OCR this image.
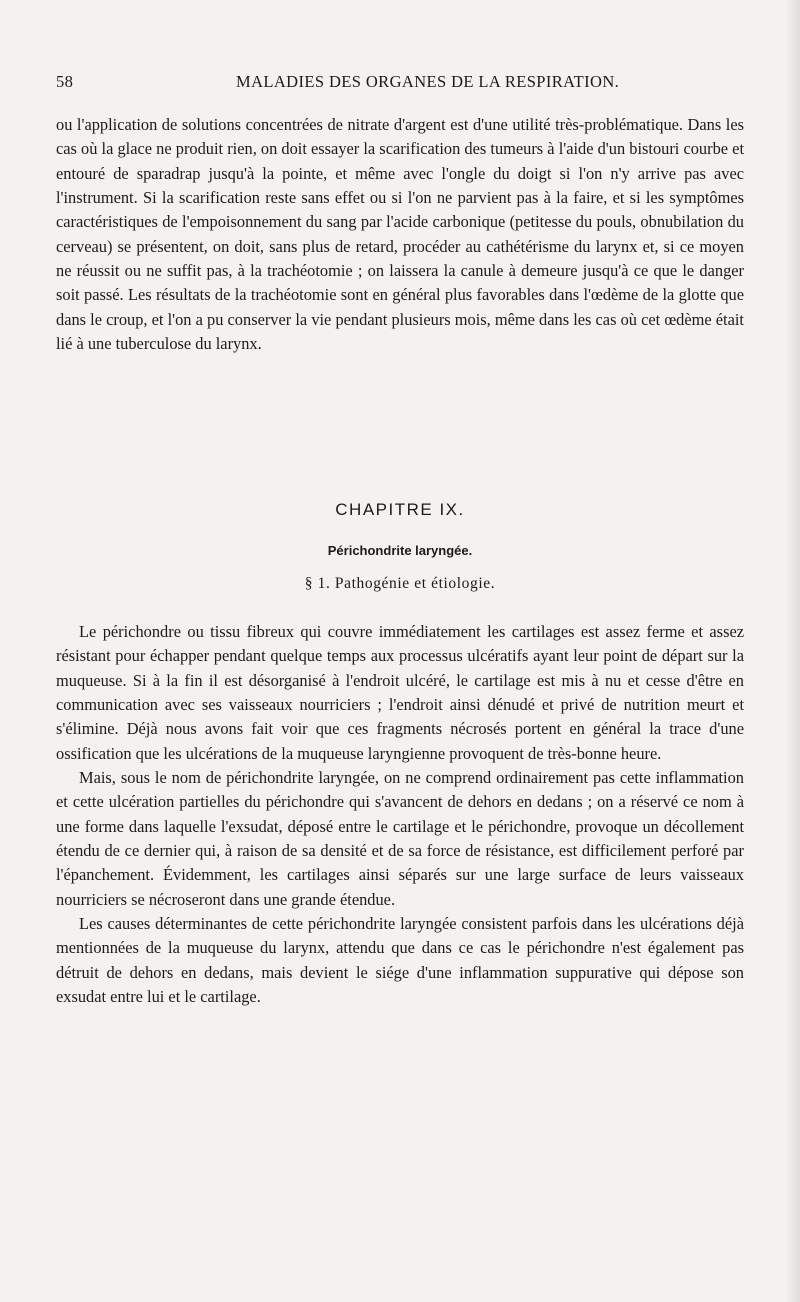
58	MALADIES DES ORGANES DE LA RESPIRATION.

ou l'application de solutions concentrées de nitrate d'argent est d'une utilité très-problématique. Dans les cas où la glace ne produit rien, on doit essayer la scarification des tumeurs à l'aide d'un bistouri courbe et entouré de sparadrap jusqu'à la pointe, et même avec l'ongle du doigt si l'on n'y arrive pas avec l'instrument. Si la scarification reste sans effet ou si l'on ne parvient pas à la faire, et si les symptômes caractéristiques de l'empoisonnement du sang par l'acide carbonique (petitesse du pouls, obnubilation du cerveau) se présentent, on doit, sans plus de retard, procéder au cathétérisme du larynx et, si ce moyen ne réussit ou ne suffit pas, à la trachéotomie ; on laissera la canule à demeure jusqu'à ce que le danger soit passé. Les résultats de la trachéotomie sont en général plus favorables dans l'œdème de la glotte que dans le croup, et l'on a pu conserver la vie pendant plusieurs mois, même dans les cas où cet œdème était lié à une tuberculose du larynx.

CHAPITRE IX.
Périchondrite laryngée.
§ 1. Pathogénie et étiologie.

Le périchondre ou tissu fibreux qui couvre immédiatement les cartilages est assez ferme et assez résistant pour échapper pendant quelque temps aux processus ulcératifs ayant leur point de départ sur la muqueuse. Si à la fin il est désorganisé à l'endroit ulcéré, le cartilage est mis à nu et cesse d'être en communication avec ses vaisseaux nourriciers ; l'endroit ainsi dénudé et privé de nutrition meurt et s'élimine. Déjà nous avons fait voir que ces fragments nécrosés portent en général la trace d'une ossification que les ulcérations de la muqueuse laryngienne provoquent de très-bonne heure.

Mais, sous le nom de périchondrite laryngée, on ne comprend ordinairement pas cette inflammation et cette ulcération partielles du périchondre qui s'avancent de dehors en dedans ; on a réservé ce nom à une forme dans laquelle l'exsudat, déposé entre le cartilage et le périchondre, provoque un décollement étendu de ce dernier qui, à raison de sa densité et de sa force de résistance, est difficilement perforé par l'épanchement. Évidemment, les cartilages ainsi séparés sur une large surface de leurs vaisseaux nourriciers se nécroseront dans une grande étendue.

Les causes déterminantes de cette périchondrite laryngée consistent parfois dans les ulcérations déjà mentionnées de la muqueuse du larynx, attendu que dans ce cas le périchondre n'est également pas détruit de dehors en dedans, mais devient le siége d'une inflammation suppurative qui dépose son exsudat entre lui et le cartilage.
